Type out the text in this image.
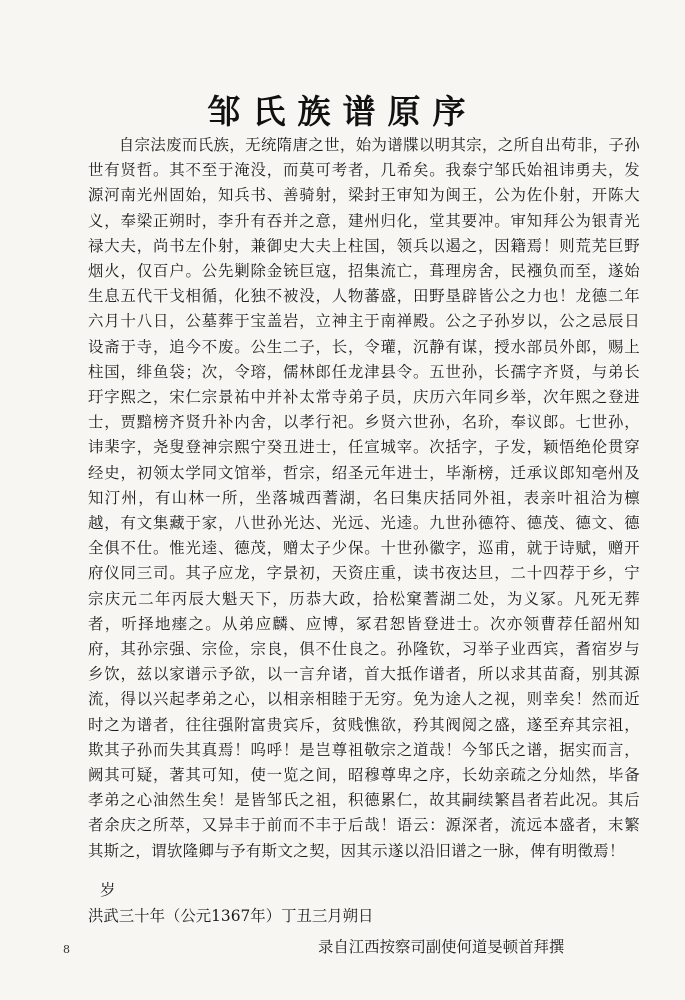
邹氏族谱原序

自宗法废而氏族，无统隋唐之世，始为谱牒以明其宗，之所自出苟非，子孙世有贤哲。其不至于淹没，而莫可考者，几希矣。我泰宁邹氏始祖讳勇夫，发源河南光州固始，知兵书、善骑射，梁封王审知为闽王，公为佐仆射，开陈大义，奉梁正朔时，李升有吞并之意，建州归化，堂其要冲。审知拜公为银青光禄大夫，尚书左仆射，兼御史大夫上柱国，领兵以遏之，因籍焉！则荒芜巨野烟火，仅百户。公先剿除金铳巨寇，招集流亡，葺理房舍，民襁负而至，遂始生息五代干戈相循，化独不被没，人物蕃盛，田野垦辟皆公之力也！龙德二年六月十八日，公墓葬于宝盖岩，立神主于南禅殿。公之子孙岁以，公之忌辰日设斋于寺，追今不废。公生二子，长，令瓘，沉静有谋，授水部员外郎，赐上柱国，绯鱼袋；次，令瑢，儒林郎任龙津县令。五世孙，长孺字齐贤，与弟长玗字熙之，宋仁宗景祐中并补太常寺弟子员，庆历六年同乡举，次年熙之登进士，贾黯榜齐贤升补内舍，以孝行祀。乡贤六世孙，名玠，奉议郎。七世孙，讳棐字，尧叟登神宗熙宁癸丑进士，任宣城宰。次括字，子发，颖悟绝伦贯穿经史，初领太学同文馆举，哲宗，绍圣元年进士，毕渐榜，迁承议郎知亳州及知汀州，有山林一所，坐落城西蓍湖，名曰集庆括同外祖，表亲叶祖洽为檩越，有文集藏于家，八世孙光达、光远、光逵。九世孙德符、德茂、德文、德全俱不仕。惟光逵、德茂，赠太子少保。十世孙徽字，巡甫，就于诗赋，赠开府仪同三司。其子应龙，字景初，天资庄重，读书夜达旦，二十四荐于乡，宁宗庆元二年丙辰大魁天下，历恭大政，拾松窠蓍湖二处，为义冢。凡死无葬者，听择地瘗之。从弟应麟、应博，冢君恕皆登进士。次亦领曹荐任韶州知府，其孙宗强、宗俭，宗良，俱不仕良之。孙隆钦，习举子业西宾，耆宿岁与乡饮，兹以家谱示予欲，以一言弁诸，首大抵作谱者，所以求其苗裔，别其源流，得以兴起孝弟之心，以相亲相睦于无穷。免为途人之视，则幸矣！然而近时之为谱者，往往强附富贵宾斥，贫贱憔欲，矜其阀阅之盛，遂至弃其宗祖，欺其子孙而失其真焉！呜呼！是岂尊祖敬宗之道哉！今邹氏之谱，据实而言，阙其可疑，著其可知，使一览之间，昭穆尊卑之序，长幼亲疏之分灿然，毕备孝弟之心油然生矣！是皆邹氏之祖，积德累仁，故其嗣续繁昌者若此况。其后者余庆之所萃，又异丰于前而不丰于后哉！语云：源深者，流远本盛者，末繁其斯之，谓欤隆卿与予有斯文之契，因其示遂以沿旧谱之一脉，俾有明徵焉！

岁
洪武三十年（公元1367年）丁丑三月朔日
录自江西按察司副使何道旻顿首拜撰
8
